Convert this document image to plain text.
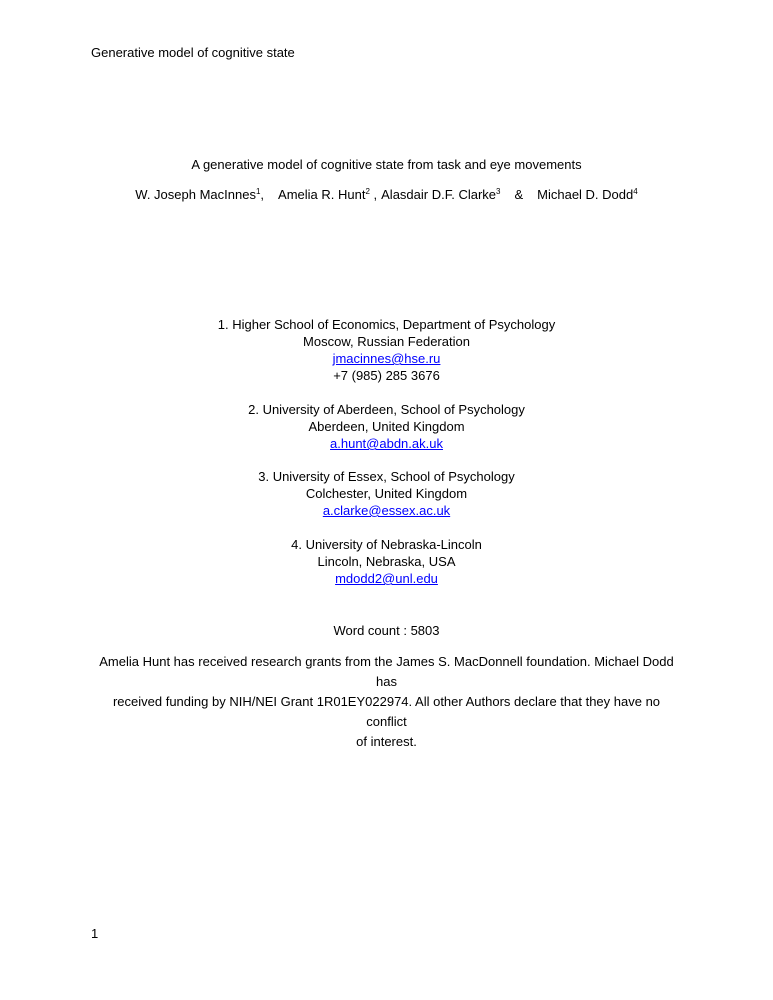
Generative model of cognitive state
A generative model of cognitive state from task and eye movements
W. Joseph MacInnes$^1$, Amelia R. Hunt$^2$ , Alasdair D.F. Clarke$^3$ & Michael D. Dodd$^4$
1. Higher School of Economics, Department of Psychology
Moscow, Russian Federation
jmacinnes@hse.ru
+7 (985) 285 3676
2. University of Aberdeen, School of Psychology
Aberdeen, United Kingdom
a.hunt@abdn.ak.uk
3. University of Essex, School of Psychology
Colchester, United Kingdom
a.clarke@essex.ac.uk
4. University of Nebraska-Lincoln
Lincoln, Nebraska, USA
mdodd2@unl.edu
Word count : 5803
Amelia Hunt has received research grants from the James S. MacDonnell foundation. Michael Dodd has
received funding by NIH/NEI Grant 1R01EY022974. All other Authors declare that they have no conflict
of interest.
1
